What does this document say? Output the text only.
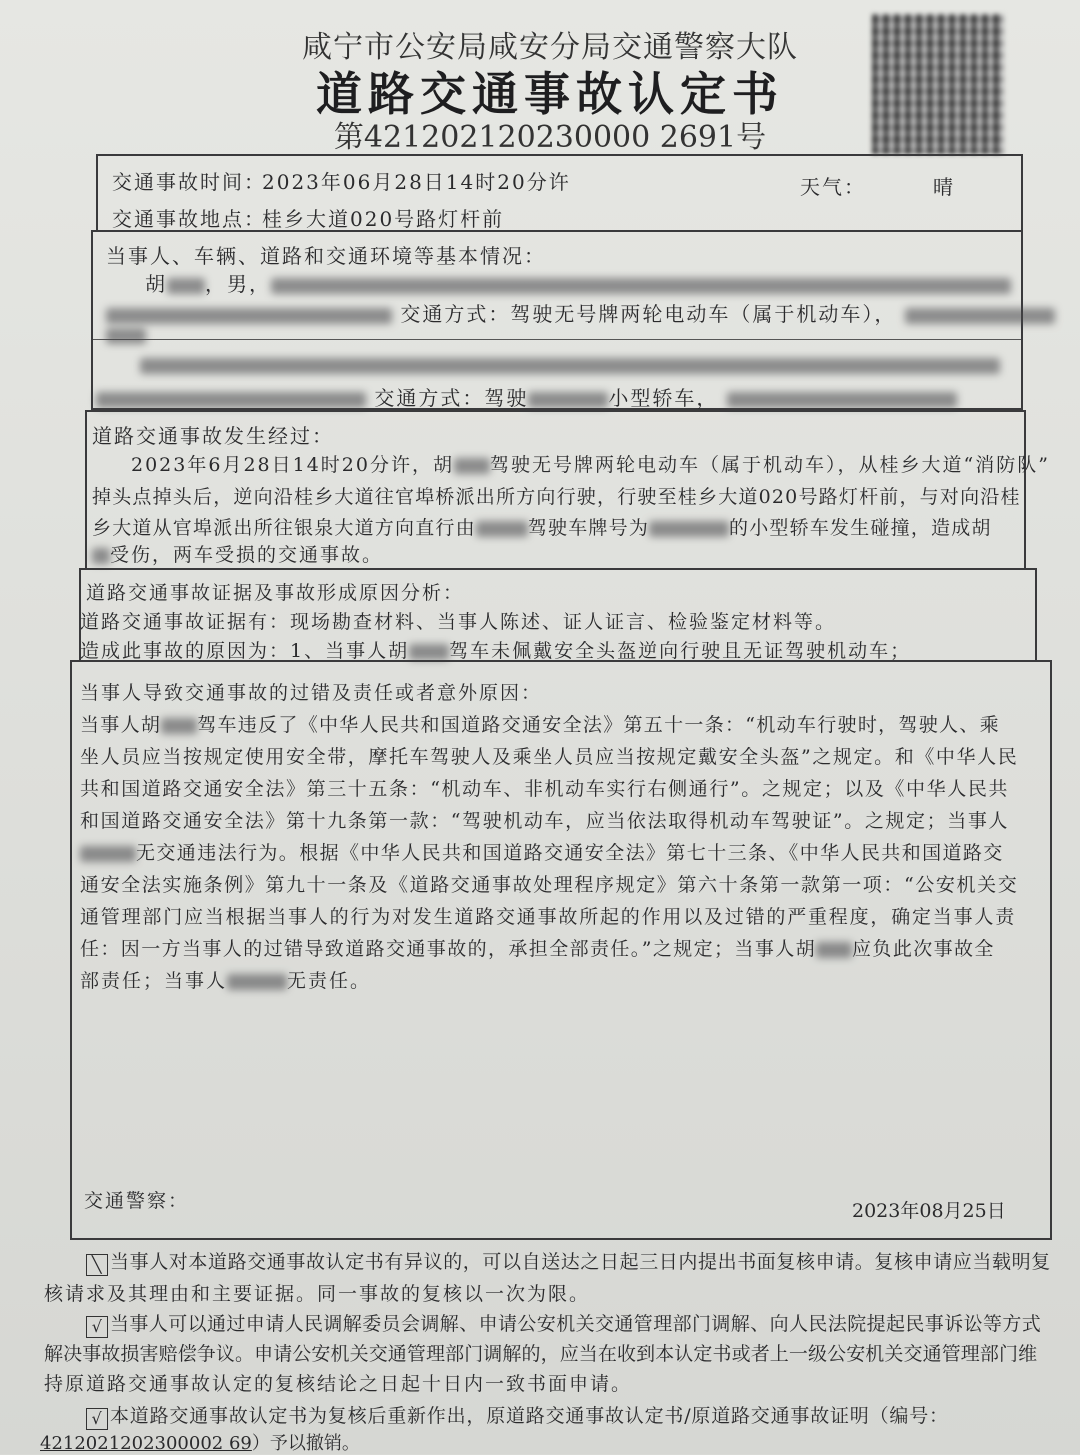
咸宁市公安局咸安分局交通警察大队
道路交通事故认定书
第421202120230000 2691号
交通事故时间：
2023年06月28日14时20分许	天气：	晴
交通事故地点：
桂乡大道020号路灯杆前
当事人、车辆、道路和交通环境等基本情况：
胡 ，男，
交通方式：驾驶无号牌两轮电动车（属于机动车），
交通方式：驾驶	小型轿车，
道路交通事故发生经过：
2023年6月28日14时20分许，胡 驾驶无号牌两轮电动车（属于机动车），从桂乡大道“消防队”
掉头点掉头后，逆向沿桂乡大道往官埠桥派出所方向行驶，行驶至桂乡大道020号路灯杆前，与对向沿桂
乡大道从官埠派出所往银泉大道方向直行由	驾驶车牌号为	的小型轿车发生碰撞，造成胡
受伤，两车受损的交通事故。
道路交通事故证据及事故形成原因分析：
道路交通事故证据有：现场勘查材料、当事人陈述、证人证言、检验鉴定材料等。
造成此事故的原因为：1、当事人胡 驾车未佩戴安全头盔逆向行驶且无证驾驶机动车；
当事人导致交通事故的过错及责任或者意外原因：
当事人胡 驾车违反了《中华人民共和国道路交通安全法》第五十一条：“机动车行驶时，驾驶人、乘
坐人员应当按规定使用安全带，摩托车驾驶人及乘坐人员应当按规定戴安全头盔”之规定。和《中华人民
共和国道路交通安全法》第三十五条：“机动车、非机动车实行右侧通行”。之规定；以及《中华人民共
和国道路交通安全法》第十九条第一款：“驾驶机动车，应当依法取得机动车驾驶证”。之规定；当事人
无交通违法行为。根据《中华人民共和国道路交通安全法》第七十三条、《中华人民共和国道路交
通安全法实施条例》第九十一条及《道路交通事故处理程序规定》第六十条第一款第一项：“公安机关交
通管理部门应当根据当事人的行为对发生道路交通事故所起的作用以及过错的严重程度，确定当事人责
任：因一方当事人的过错导致道路交通事故的，承担全部责任。”之规定；当事人胡 应负此次事故全
部责任；当事人	无责任。
交通警察：	2023年08月25日
╲ 当事人对本道路交通事故认定书有异议的，可以自送达之日起三日内提出书面复核申请。复核申请应当载明复
核请求及其理由和主要证据。同一事故的复核以一次为限。
√ 当事人可以通过申请人民调解委员会调解、申请公安机关交通管理部门调解、向人民法院提起民事诉讼等方式
解决事故损害赔偿争议。申请公安机关交通管理部门调解的，应当在收到本认定书或者上一级公安机关交通管理部门维
持原道路交通事故认定的复核结论之日起十日内一致书面申请。
√ 本道路交通事故认定书为复核后重新作出，原道路交通事故认定书/原道路交通事故证明（编号：
4212021202300002 69）予以撤销。
